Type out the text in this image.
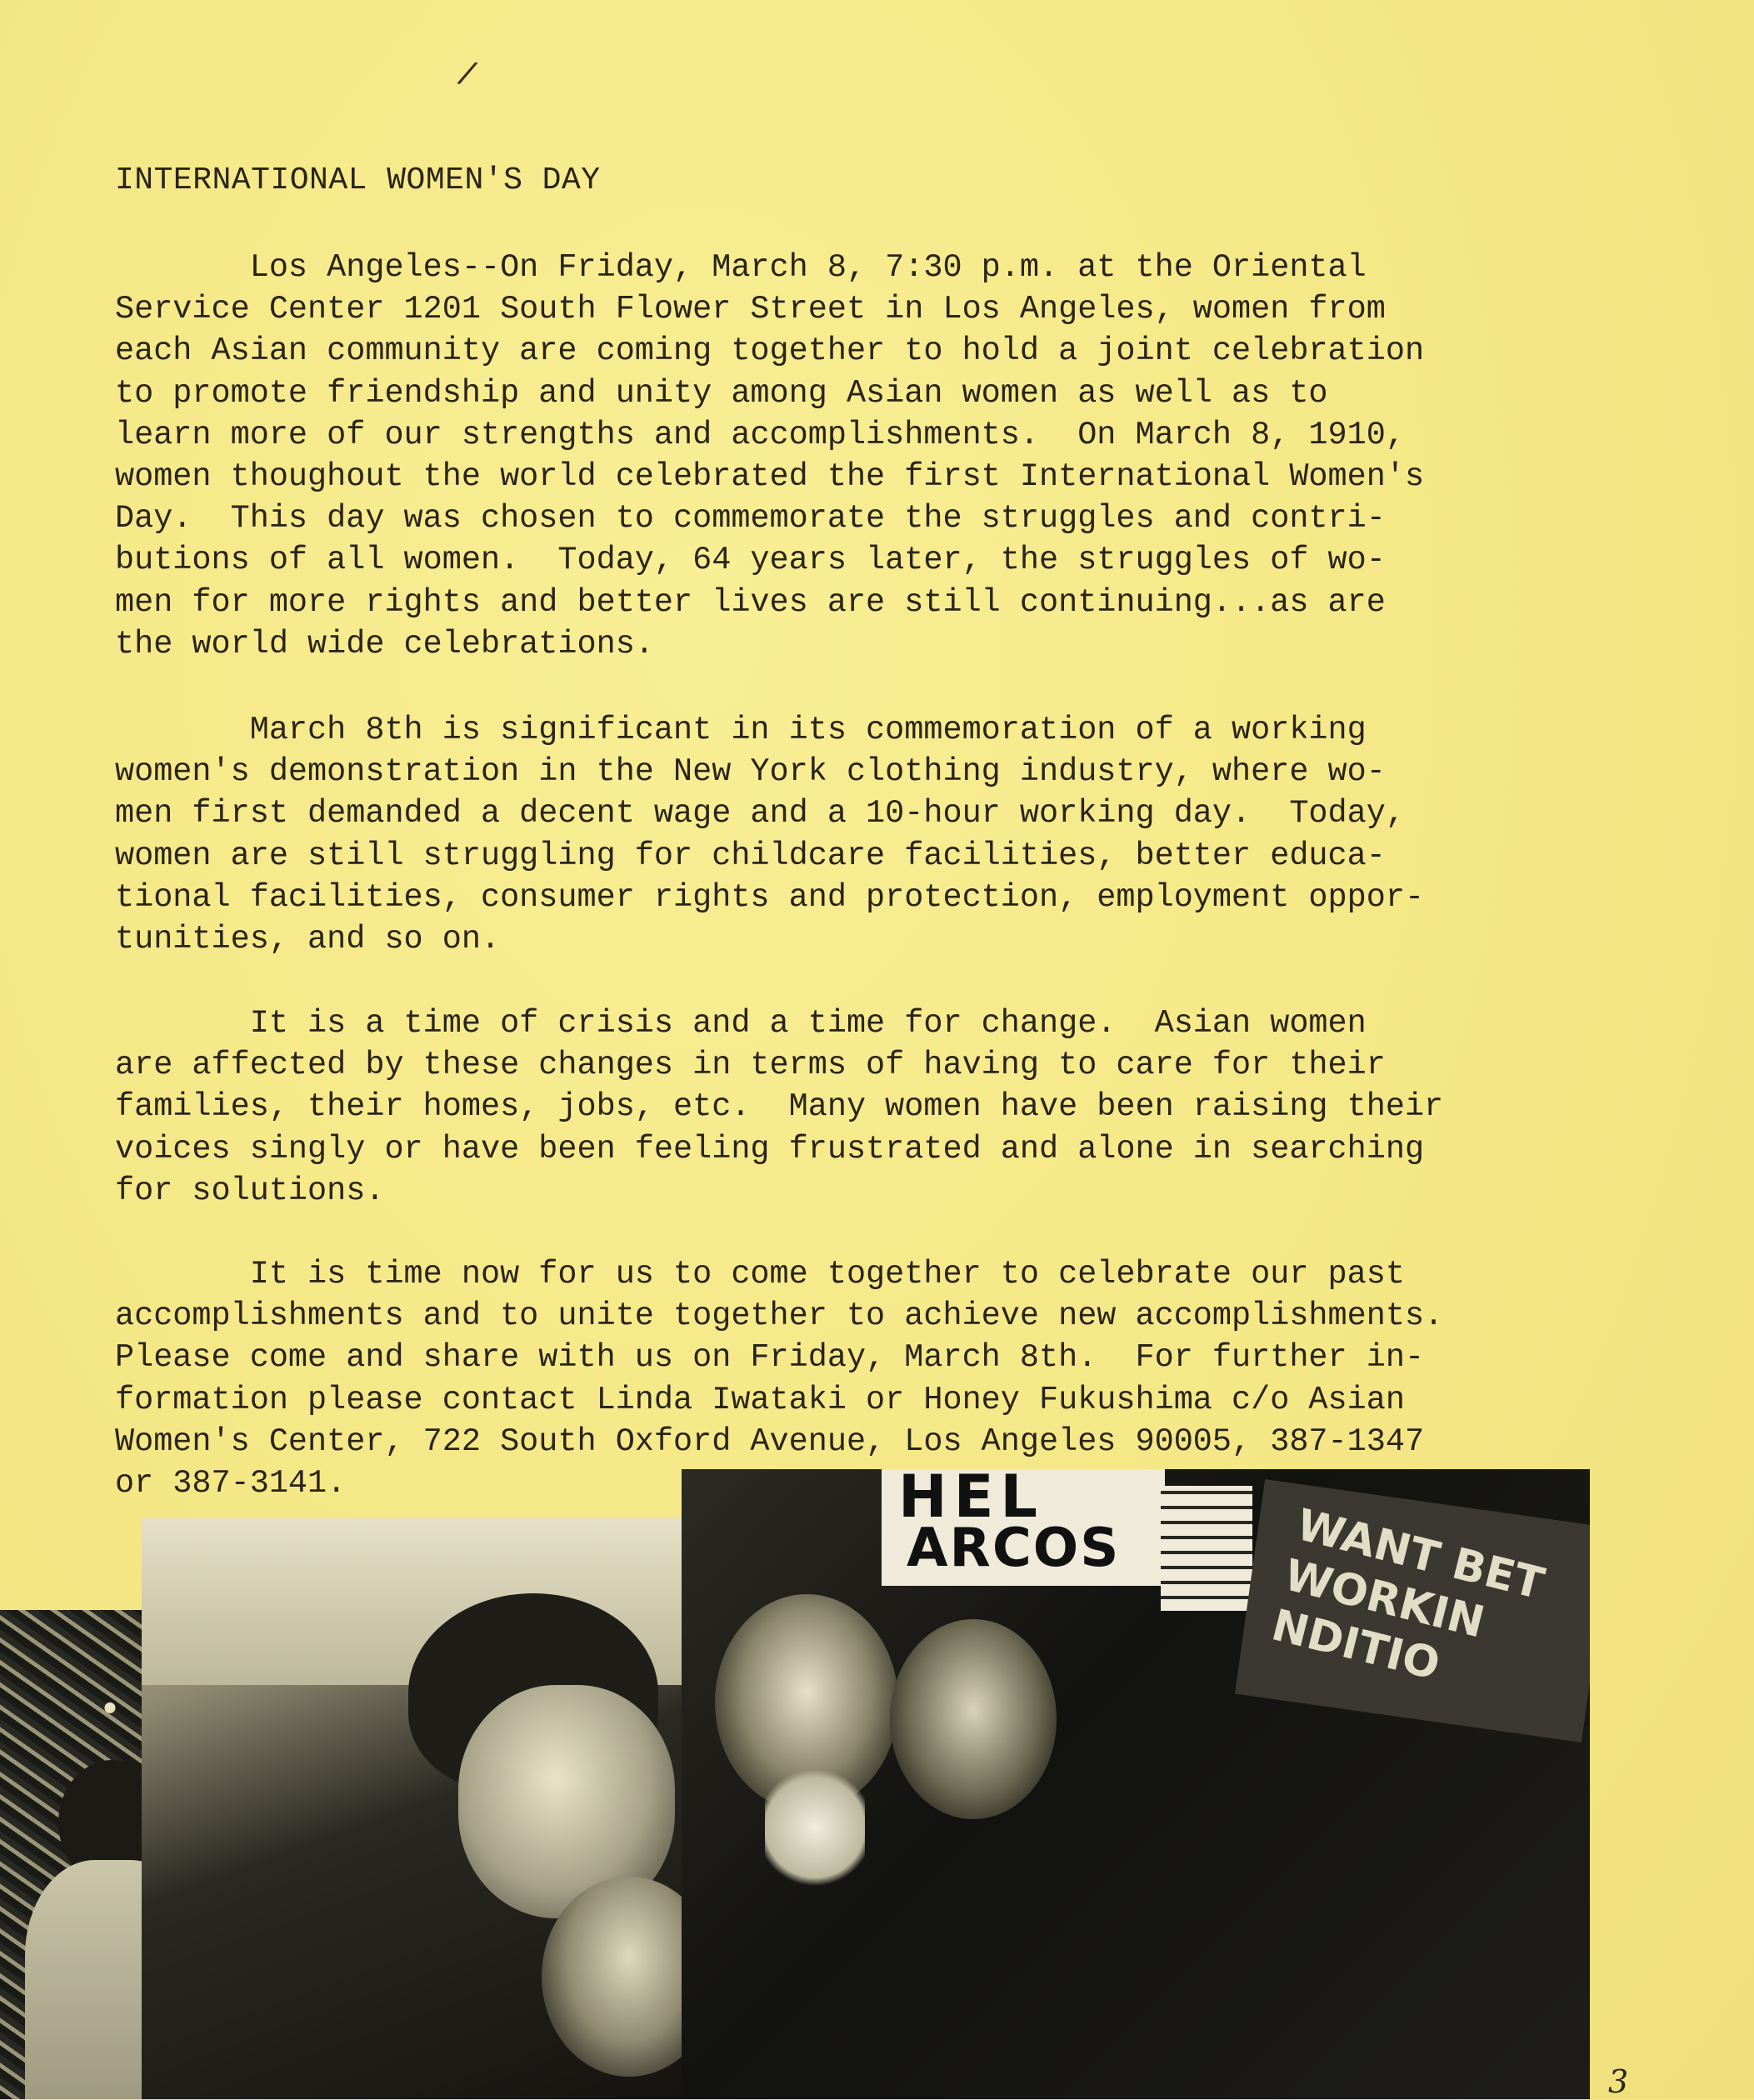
/
INTERNATIONAL WOMEN'S DAY
Los Angeles--On Friday, March 8, 7:30 p.m. at the Oriental
Service Center 1201 South Flower Street in Los Angeles, women from
each Asian community are coming together to hold a joint celebration
to promote friendship and unity among Asian women as well as to
learn more of our strengths and accomplishments.  On March 8, 1910,
women thoughout the world celebrated the first International Women's
Day.  This day was chosen to commemorate the struggles and contri-
butions of all women.  Today, 64 years later, the struggles of wo-
men for more rights and better lives are still continuing...as are
the world wide celebrations.
March 8th is significant in its commemoration of a working
women's demonstration in the New York clothing industry, where wo-
men first demanded a decent wage and a 10-hour working day.  Today,
women are still struggling for childcare facilities, better educa-
tional facilities, consumer rights and protection, employment oppor-
tunities, and so on.
It is a time of crisis and a time for change.  Asian women
are affected by these changes in terms of having to care for their
families, their homes, jobs, etc.  Many women have been raising their
voices singly or have been feeling frustrated and alone in searching
for solutions.
It is time now for us to come together to celebrate our past
accomplishments and to unite together to achieve new accomplishments.
Please come and share with us on Friday, March 8th.  For further in-
formation please contact Linda Iwataki or Honey Fukushima c/o Asian
Women's Center, 722 South Oxford Avenue, Los Angeles 90005, 387-1347
or 387-3141.	HEL
ARCOS	WANT BET
WORKIN
NDITIO
3
